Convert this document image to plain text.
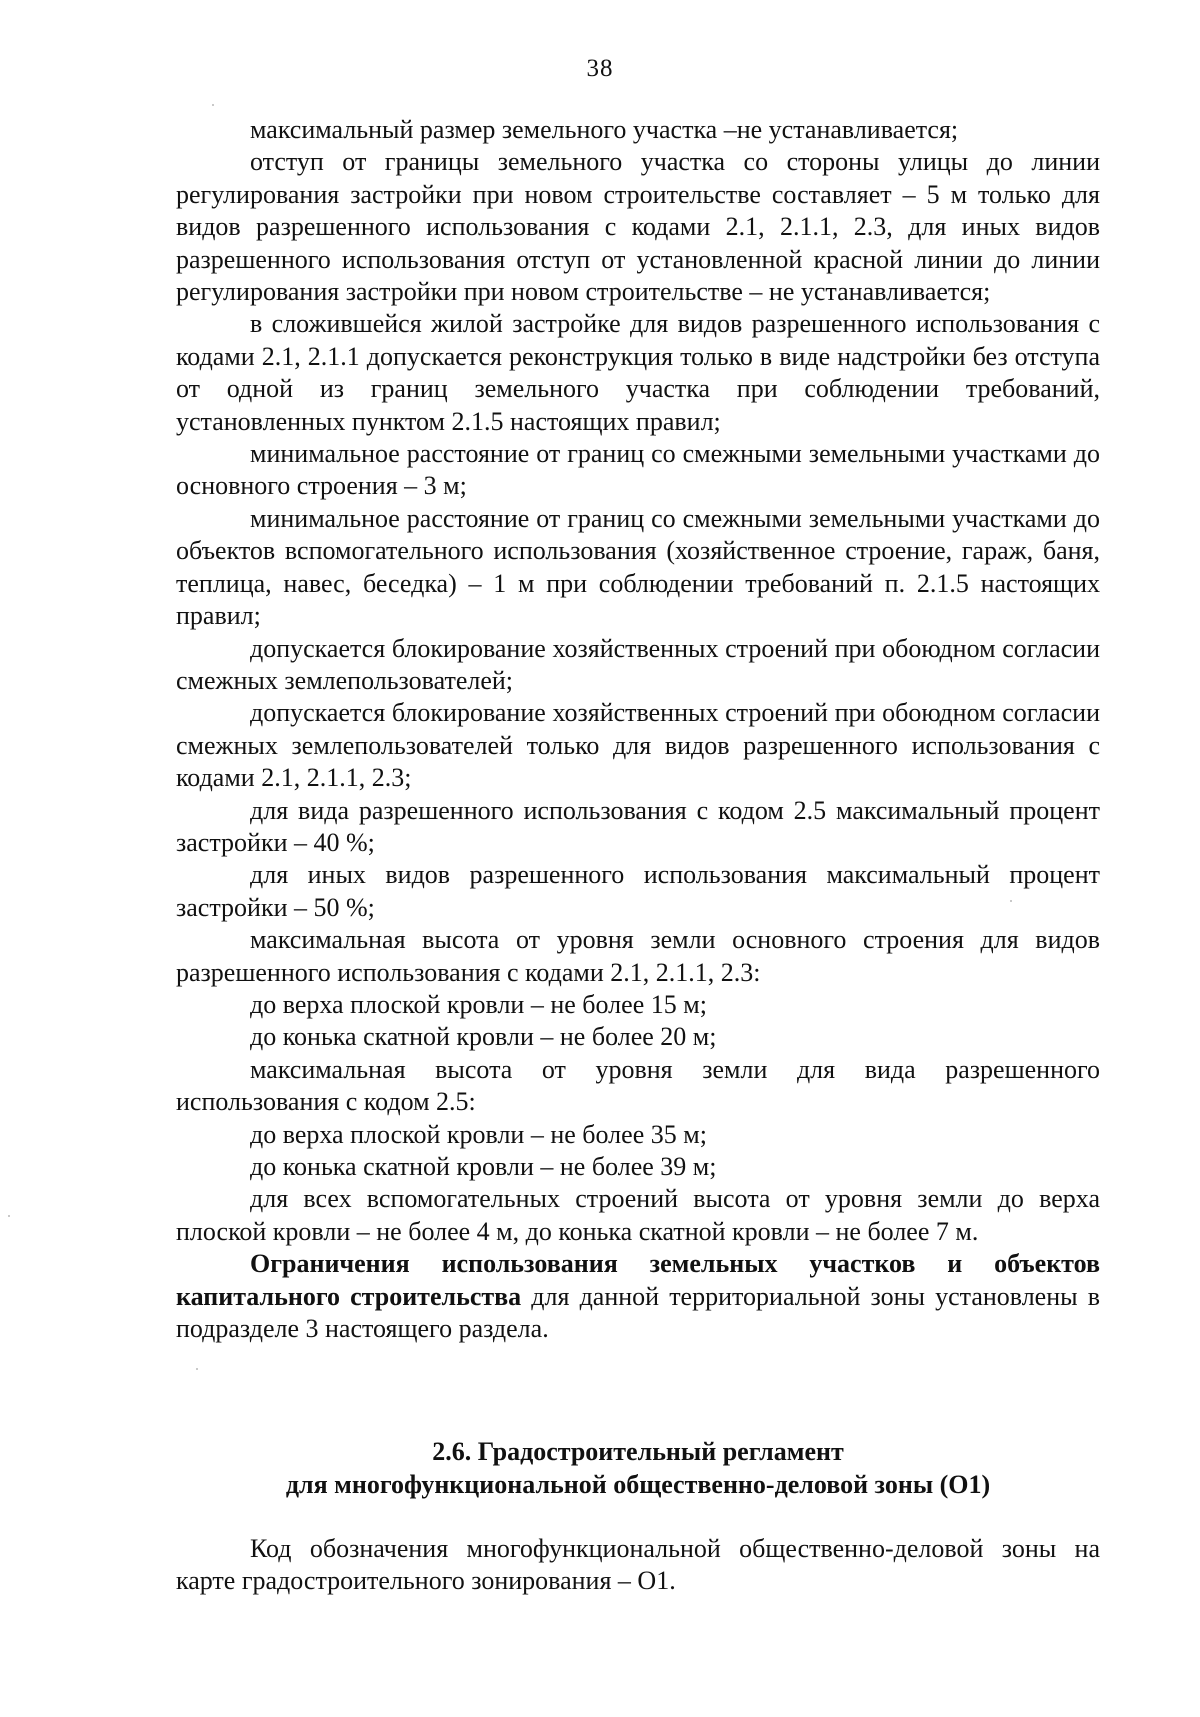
38

максимальный размер земельного участка –не устанавливается;

отступ от границы земельного участка со стороны улицы до линии регулирования застройки при новом строительстве составляет – 5 м только для видов разрешенного использования с кодами 2.1, 2.1.1, 2.3, для иных видов разрешенного использования отступ от установленной красной линии до линии регулирования застройки при новом строительстве – не устанавливается;

в сложившейся жилой застройке для видов разрешенного использования с кодами 2.1, 2.1.1 допускается реконструкция только в виде надстройки без отступа от одной из границ земельного участка при соблюдении требований, установленных пунктом 2.1.5 настоящих правил;

минимальное расстояние от границ со смежными земельными участками до основного строения – 3 м;

минимальное расстояние от границ со смежными земельными участками до объектов вспомогательного использования (хозяйственное строение, гараж, баня, теплица, навес, беседка) – 1 м при соблюдении требований п. 2.1.5 настоящих правил;

допускается блокирование хозяйственных строений при обоюдном согласии смежных землепользователей;

допускается блокирование хозяйственных строений при обоюдном согласии смежных землепользователей только для видов разрешенного использования с кодами 2.1, 2.1.1, 2.3;

для вида разрешенного использования с кодом 2.5 максимальный процент застройки – 40 %;

для иных видов разрешенного использования максимальный процент застройки – 50 %;

максимальная высота от уровня земли основного строения для видов разрешенного использования с кодами 2.1, 2.1.1, 2.3:

до верха плоской кровли – не более 15 м;

до конька скатной кровли – не более 20 м;

максимальная высота от уровня земли для вида разрешенного использования с кодом 2.5:

до верха плоской кровли – не более 35 м;

до конька скатной кровли – не более 39 м;

для всех вспомогательных строений высота от уровня земли до верха плоской кровли – не более 4 м, до конька скатной кровли – не более 7 м.

Ограничения использования земельных участков и объектов капитального строительства для данной территориальной зоны установлены в подразделе 3 настоящего раздела.

2.6. Градостроительный регламент
для многофункциональной общественно-деловой зоны (О1)

Код обозначения многофункциональной общественно-деловой зоны на карте градостроительного зонирования – О1.
